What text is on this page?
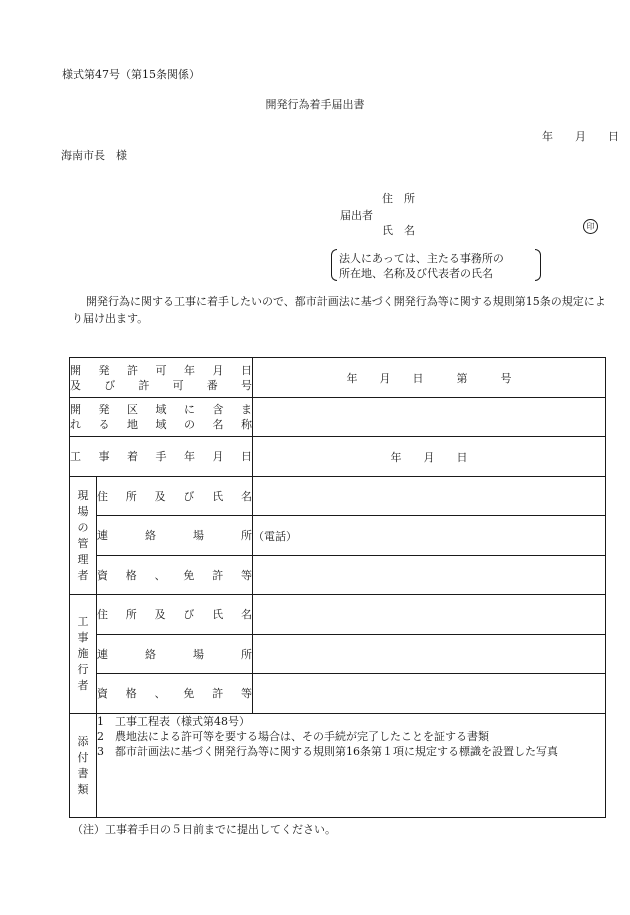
様式第47号（第15条関係）
開発行為着手届出書
年 月 日
海南市長　様
住　所
届出者
氏　名	印
法人にあっては、主たる事務所の
所在地、名称及び代表者の氏名
開発行為に関する工事に着手したいので、都市計画法に基づく開発行為等に関する規則第15条の規定により届け出ます。
開発許可年月日
及び許可番号		年　　月　　日　　　第　　　号

開発区域に含ま
れる地域の名称		

工事着手年月日		年　　月　　日

現場の管理者	住所及び氏名	
	連絡場所	（電話）
	資格、免許等	

工事施行者	住所及び氏名	
	連絡場所	
	資格、免許等	

添付書類	1　工事工程表（様式第48号）
2　農地法による許可等を要する場合は、その手続が完了したことを証する書類
3　都市計画法に基づく開発行為等に関する規則第16条第１項に規定する標識を設置した写真	
（注）工事着手日の５日前までに提出してください。
